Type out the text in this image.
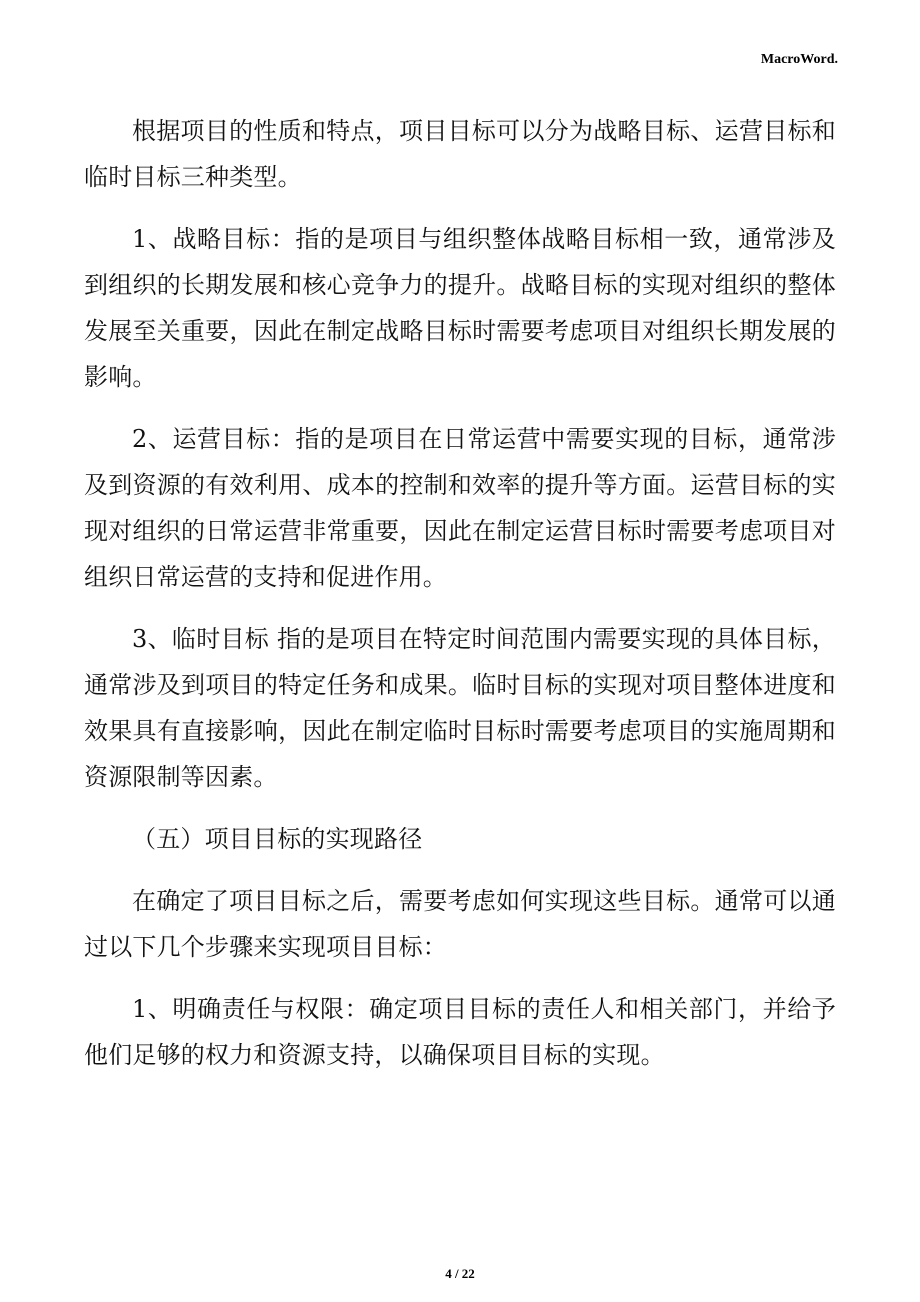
MacroWord.

根据项目的性质和特点，项目目标可以分为战略目标、运营目标和临时目标三种类型。

1、战略目标：指的是项目与组织整体战略目标相一致，通常涉及到组织的长期发展和核心竞争力的提升。战略目标的实现对组织的整体发展至关重要，因此在制定战略目标时需要考虑项目对组织长期发展的影响。

2、运营目标：指的是项目在日常运营中需要实现的目标，通常涉及到资源的有效利用、成本的控制和效率的提升等方面。运营目标的实现对组织的日常运营非常重要，因此在制定运营目标时需要考虑项目对组织日常运营的支持和促进作用。

3、临时目标 指的是项目在特定时间范围内需要实现的具体目标，通常涉及到项目的特定任务和成果。临时目标的实现对项目整体进度和效果具有直接影响，因此在制定临时目标时需要考虑项目的实施周期和资源限制等因素。

（五）项目目标的实现路径

在确定了项目目标之后，需要考虑如何实现这些目标。通常可以通过以下几个步骤来实现项目目标：

1、明确责任与权限：确定项目目标的责任人和相关部门，并给予他们足够的权力和资源支持，以确保项目目标的实现。

4 / 22
